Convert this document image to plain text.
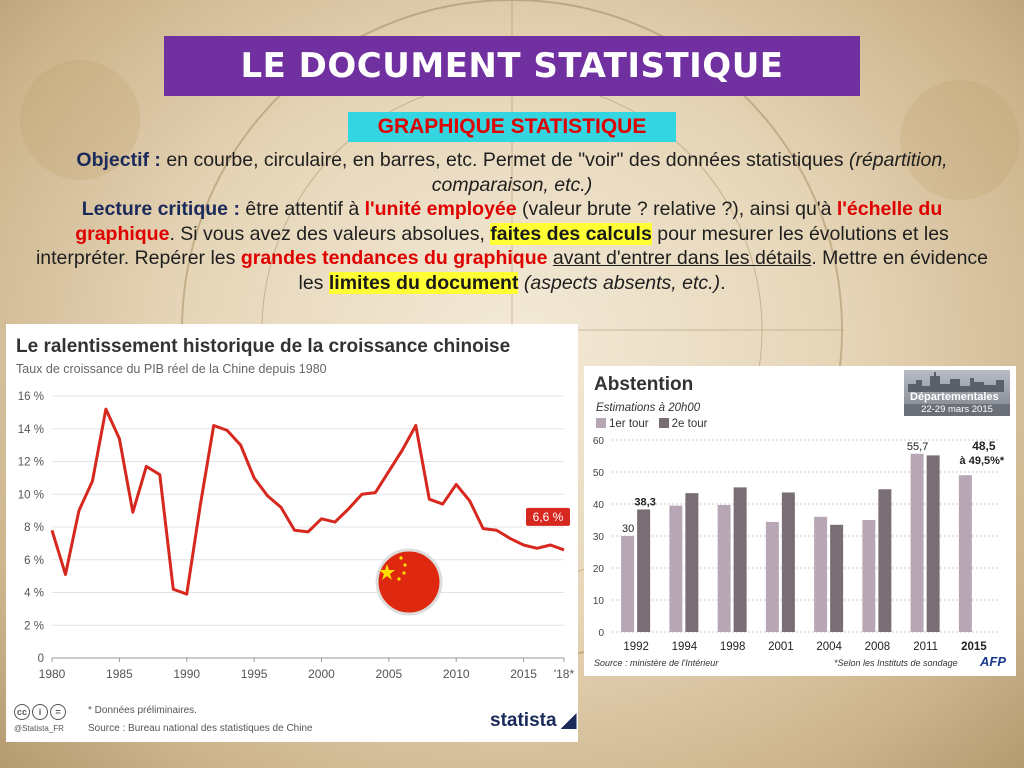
LE DOCUMENT STATISTIQUE
GRAPHIQUE STATISTIQUE
Objectif : en courbe, circulaire, en barres, etc. Permet de "voir" des données statistiques (répartition, comparaison, etc.)
Lecture critique : être attentif à l'unité employée (valeur brute ? relative ?), ainsi qu'à l'échelle du graphique. Si vous avez des valeurs absolues, faites des calculs pour mesurer les évolutions et les interpréter. Repérer les grandes tendances du graphique avant d'entrer dans les détails. Mettre en évidence les limites du document (aspects absents, etc.).
Le ralentissement historique de la croissance chinoise
Taux de croissance du PIB réel de la Chine depuis 1980
0
2 %
4 %
6 %
8 %
10 %
12 %
14 %
16 %
1980	1985	1990	1995	2000	2005	2010	2015 '18*
6,6 %
cc	i	=
@Statista_FR
* Données préliminaires.
Source : Bureau national des statistiques de Chine	statista
Abstention
Estimations à 20h00
Départementales
22-29 mars 2015
1er tour	2e tour
0
10
20
30
40
50
60
1992 1994 1998 2001 2004 2008 2011 2015
30
38,3
55,7	48,5
à 49,5%*
Source : ministère de l'Intérieur	*Selon les Instituts de sondage AFP
